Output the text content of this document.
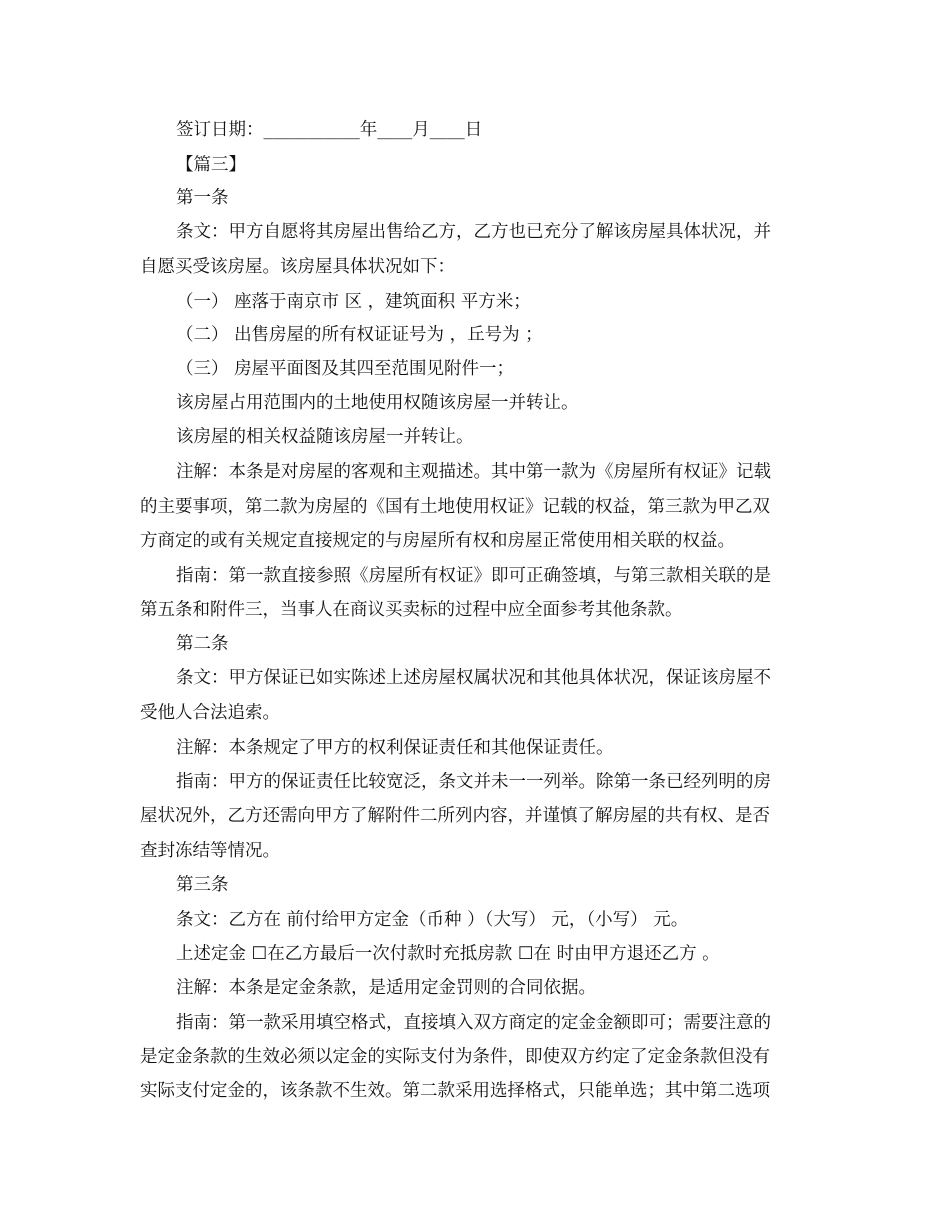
签订日期：___________年____月____日
【篇三】
第一条
条文：甲方自愿将其房屋出售给乙方，乙方也已充分了解该房屋具体状况，并
自愿买受该房屋。该房屋具体状况如下：
（一） 座落于南京市 区 ，建筑面积 平方米；
（二） 出售房屋的所有权证证号为 ，丘号为 ；
（三） 房屋平面图及其四至范围见附件一；
该房屋占用范围内的土地使用权随该房屋一并转让。
该房屋的相关权益随该房屋一并转让。
注解：本条是对房屋的客观和主观描述。其中第一款为《房屋所有权证》记载
的主要事项，第二款为房屋的《国有土地使用权证》记载的权益，第三款为甲乙双
方商定的或有关规定直接规定的与房屋所有权和房屋正常使用相关联的权益。
指南：第一款直接参照《房屋所有权证》即可正确签填，与第三款相关联的是
第五条和附件三，当事人在商议买卖标的过程中应全面参考其他条款。
第二条
条文：甲方保证已如实陈述上述房屋权属状况和其他具体状况，保证该房屋不
受他人合法追索。
注解：本条规定了甲方的权利保证责任和其他保证责任。
指南：甲方的保证责任比较宽泛，条文并未一一列举。除第一条已经列明的房
屋状况外，乙方还需向甲方了解附件二所列内容，并谨慎了解房屋的共有权、是否
查封冻结等情况。
第三条
条文：乙方在 前付给甲方定金（币种 ）（大写） 元，（小写） 元。
上述定金 ☐在乙方最后一次付款时充抵房款 ☐在 时由甲方退还乙方 。
注解：本条是定金条款，是适用定金罚则的合同依据。
指南：第一款采用填空格式，直接填入双方商定的定金金额即可；需要注意的
是定金条款的生效必须以定金的实际支付为条件，即使双方约定了定金条款但没有
实际支付定金的，该条款不生效。第二款采用选择格式，只能单选；其中第二选项
